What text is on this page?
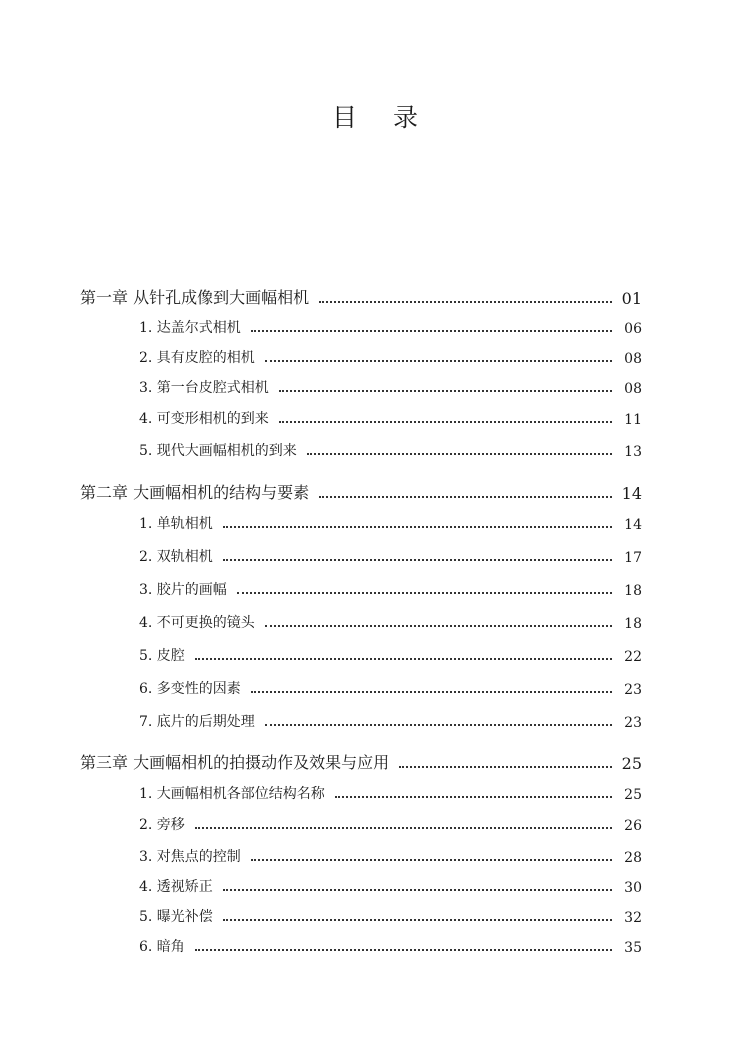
目 录
第一章 从针孔成像到大画幅相机	01
1. 达盖尔式相机	06
2. 具有皮腔的相机	08
3. 第一台皮腔式相机	08
4. 可变形相机的到来	11
5. 现代大画幅相机的到来	13
第二章 大画幅相机的结构与要素	14
1. 单轨相机	14
2. 双轨相机	17
3. 胶片的画幅	18
4. 不可更换的镜头	18
5. 皮腔	22
6. 多变性的因素	23
7. 底片的后期处理	23
第三章 大画幅相机的拍摄动作及效果与应用	25
1. 大画幅相机各部位结构名称	25
2. 旁移	26
3. 对焦点的控制	28
4. 透视矫正	30
5. 曝光补偿	32
6. 暗角	35
